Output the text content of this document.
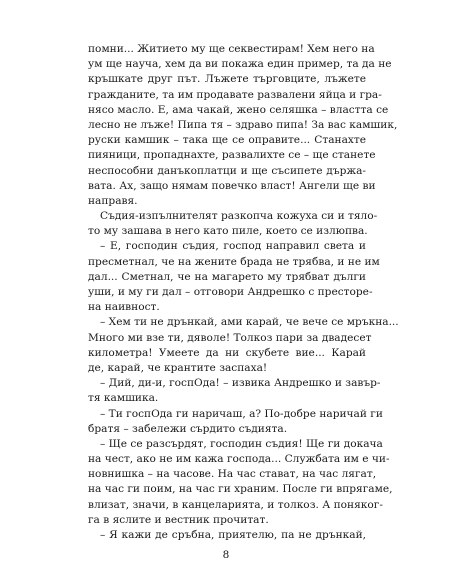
помни... Житието му ще секвестирам! Хем него на
ум ще науча, хем да ви покажа един пример, та да не
кръшкате друг път. Лъжете търговците, лъжете
гражданите, та им продавате развалени яйца и гра-
нясо масло. Е, ама чакай, жено селяшка – властта се
лесно не лъже! Пипа тя – здраво пипа! За вас камшик,
руски камшик – така ще се оправите... Станахте
пияници, пропаднахте, развалихте се – ще станете
неспособни данъкоплатци и ще съсипете държа-
вата. Ах, защо нямам повечко власт! Ангели ще ви
направя.
Съдия-изпълнителят разкопча кожуха си и тяло-
то му зашава в него като пиле, което се излюпва.
– Е, господин съдия, господ направил света и
пресметнал, че на жените брада не трябва, и не им
дал... Сметнал, че на магарето му трябват дълги
уши, и му ги дал – отговори Андрешко с престоре-
на наивност.
– Хем ти не дрънкай, ами карай, че вече се мръкна...
Много ми взе ти, дяволе! Толкоз пари за двадесет
километра! Умеете да ни скубете вие... Карай
де, карай, че крантите заспаха!
– Дий, ди-и, госпОда! – извика Андрешко и завър-
тя камшика.
– Ти госпОда ги наричаш, а? По-добре наричай ги
братя – забележи сърдито съдията.
– Ще се разсърдят, господин съдия! Ще ги докача
на чест, ако не им кажа господа... Службата им е чи-
новнишка – на часове. На час стават, на час лягат,
на час ги поим, на час ги храним. После ги впрягаме,
влизат, значи, в канцеларията, и толкоз. А поняког-
га в яслите и вестник прочитат.
– Я кажи де сръбна, приятелю, па не дрънкай,
8
